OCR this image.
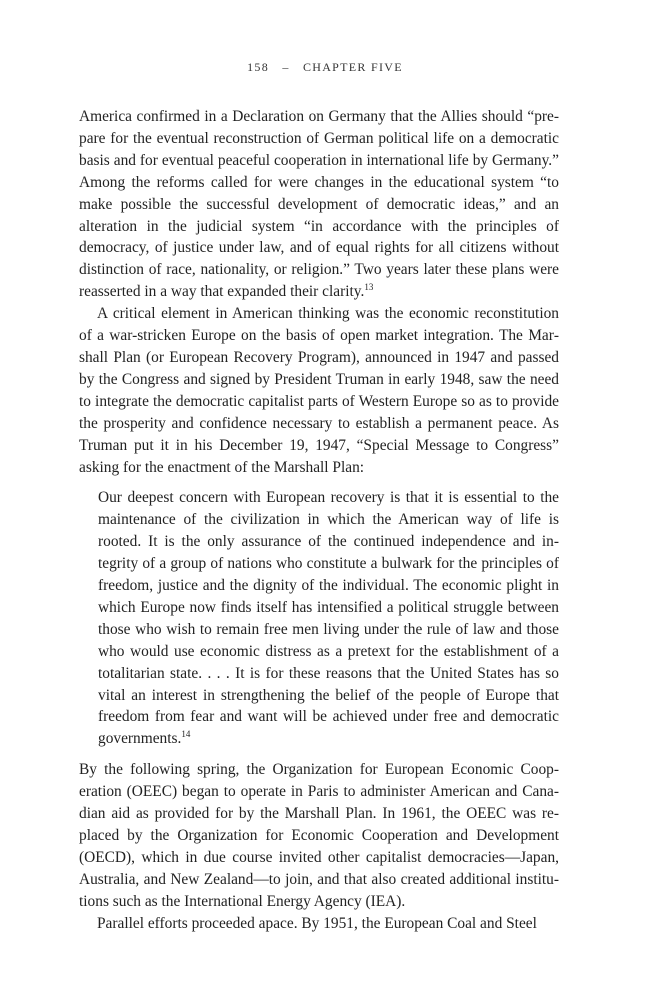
158 – CHAPTER FIVE

America confirmed in a Declaration on Germany that the Allies should “prepare for the eventual reconstruction of German political life on a democratic basis and for eventual peaceful cooperation in international life by Germany.” Among the reforms called for were changes in the educational system “to make possible the successful development of democratic ideas,” and an alteration in the judicial system “in accordance with the principles of democracy, of justice under law, and of equal rights for all citizens without distinction of race, nationality, or religion.” Two years later these plans were reasserted in a way that expanded their clarity.$^{13}$

A critical element in American thinking was the economic reconstitution of a war-stricken Europe on the basis of open market integration. The Marshall Plan (or European Recovery Program), announced in 1947 and passed by the Congress and signed by President Truman in early 1948, saw the need to integrate the democratic capitalist parts of Western Europe so as to provide the prosperity and confidence necessary to establish a permanent peace. As Truman put it in his December 19, 1947, “Special Message to Congress” asking for the enactment of the Marshall Plan:

Our deepest concern with European recovery is that it is essential to the maintenance of the civilization in which the American way of life is rooted. It is the only assurance of the continued independence and integrity of a group of nations who constitute a bulwark for the principles of freedom, justice and the dignity of the individual. The economic plight in which Europe now finds itself has intensified a political struggle between those who wish to remain free men living under the rule of law and those who would use economic distress as a pretext for the establishment of a totalitarian state. . . . It is for these reasons that the United States has so vital an interest in strengthening the belief of the people of Europe that freedom from fear and want will be achieved under free and democratic governments.$^{14}$

By the following spring, the Organization for European Economic Cooperation (OEEC) began to operate in Paris to administer American and Canadian aid as provided for by the Marshall Plan. In 1961, the OEEC was replaced by the Organization for Economic Cooperation and Development (OECD), which in due course invited other capitalist democracies—Japan, Australia, and New Zealand—to join, and that also created additional institutions such as the International Energy Agency (IEA).

Parallel efforts proceeded apace. By 1951, the European Coal and Steel
